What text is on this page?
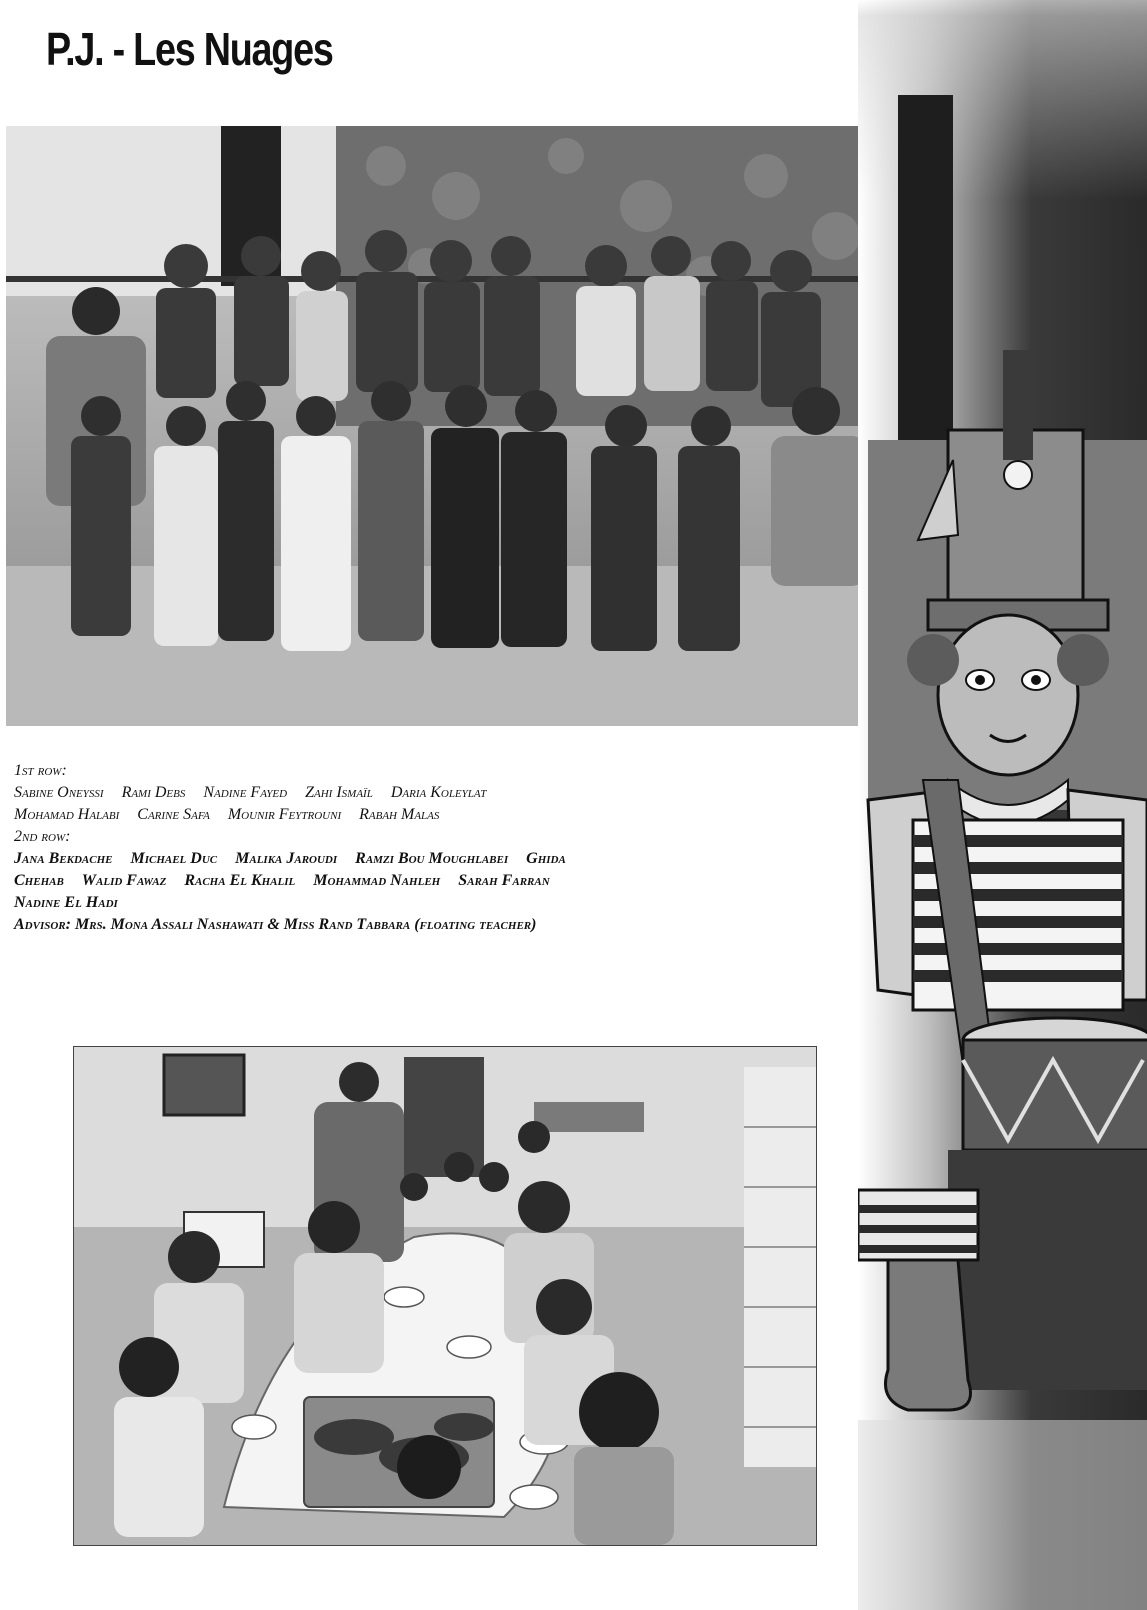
P.J. - Les Nuages
1st row:
Sabine Oneyssi Rami Debs Nadine Fayed Zahi Ismaïl Daria Koleylat
Mohamad Halabi Carine Safa Mounir Feytrouni Rabah Malas
2nd row:
Jana Bekdache Michael Duc Malika Jaroudi Ramzi Bou Moughlabei Ghida
Chehab Walid Fawaz Racha El Khalil Mohammad Nahleh Sarah Farran
Nadine El Hadi
Advisor: Mrs. Mona Assali Nashawati & Miss Rand Tabbara (floating teacher)
